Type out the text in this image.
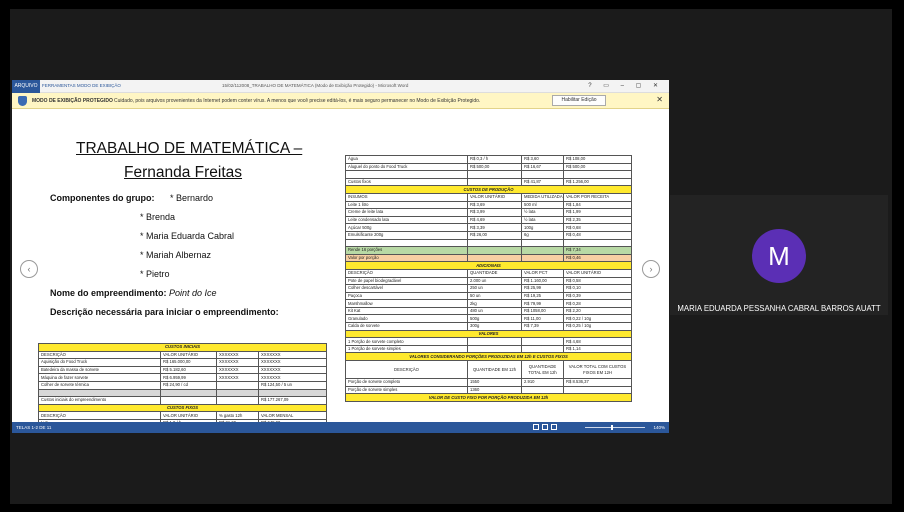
ARQUIVO FERRAMENTAS MODO DE EXIBIÇÃO	15/02/112008_TRABALHO DE MATEMÁTICA (Modo de Exibição Protegido) - Microsoft Word	? ▭ – ▢ ✕
MODO DE EXIBIÇÃO PROTEGIDO Cuidado, pois arquivos provenientes da Internet podem conter vírus. A menos que você precise editá-los, é mais seguro permanecer no Modo de Exibição Protegido.	Habilitar Edição	✕
‹	›
TRABALHO DE MATEMÁTICA –
Fernanda Freitas
Componentes do grupo: * Bernardo
* Brenda
* Maria Eduarda Cabral
* Mariah Albernaz
* Pietro
Nome do empreendimento: Point do Ice
Descrição necessária para iniciar o empreendimento:
CUSTOS INICIAIS			
DESCRIÇÃO	VALOR UNITÁRIO	XXXXXXX	XXXXXXX
Aquisição do Food Truck	R$ 165.000,00	XXXXXXX	XXXXXXX
Batedeira da massa de sorvete	R$ 5.182,60	XXXXXXX	XXXXXXX
Máquina de fazer sorvete	R$ 6.959,99	XXXXXXX	XXXXXXX
Colher de sorvete térmica	R$ 24,90 / cd		R$ 124,50 / 5 un

Custos iniciais do empreendimento			R$ 177.267,09
CUSTOS FIXOS			
DESCRIÇÃO	VALOR UNITÁRIO	% gasto 12h	VALOR MENSAL

Água	R$ 0,3 / h	R$ 3,60	R$ 108,00
Aluguel do ponto do Food Truck	R$ 500,00	R$ 16,67	R$ 500,00

Custos fixos		R$ 41,87	R$ 1.256,00
CUSTOS DE PRODUÇÃO			
INSUMOS	VALOR UNITÁRIO	MEDIDA UTILIZADA	VALOR POR RECEITA
Leite 1 litro	R$ 3,69	500 ml	R$ 1,84
Creme de leite lata	R$ 3,99	½ lata	R$ 1,99
Leite condensado lata	R$ 4,69	½ lata	R$ 2,35
Açúcar 500g	R$ 3,39	100g	R$ 0,68
Emulsificante 200g	R$ 26,00	6g	R$ 0,48

Rende 16 porções			R$ 7,34
Valor por porção			R$ 0,46
ADICIONAIS			
DESCRIÇÃO	QUANTIDADE	VALOR PCT	VALOR UNITÁRIO
Pote de papel biodegradável	2.000 un	R$ 1.160,00	R$ 0,58
Colher descartável	250 un	R$ 25,99	R$ 0,10
Paçoca	50 un	R$ 19,25	R$ 0,39
Marshmallow	2kg	R$ 79,99	R$ 0,28
Kit Kat	480 un	R$ 1058,00	R$ 2,20
Granulado	500g	R$ 11,00	R$ 0,22 / 10g
Calda de sorvete	300g	R$ 7,39	R$ 0,25 / 10g
VALORES			
1 Porção de sorvete completo			R$ 4,68
1 Porção de sorvete simples			R$ 1,14
VALORES CONSIDERANDO PORÇÕES PRODUZIDAS EM 12h E CUSTOS FIXOS			
DESCRIÇÃO	QUANTIDADE EM 12h	QUANTIDADE TOTAL EM 12h	VALOR TOTAL COM CUSTOS FIXOS EM 12H
Porção de sorvete completo	1550	2.910	R$ 8.536,37
Porção de sorvete simples	1360		
VALOR DE CUSTO FIXO POR PORÇÃO PRODUZIDA EM 12h			
TELAS 1-2 DE 11	140%
M
MARIA EDUARDA PESSANHA CABRAL BARROS AUATT
